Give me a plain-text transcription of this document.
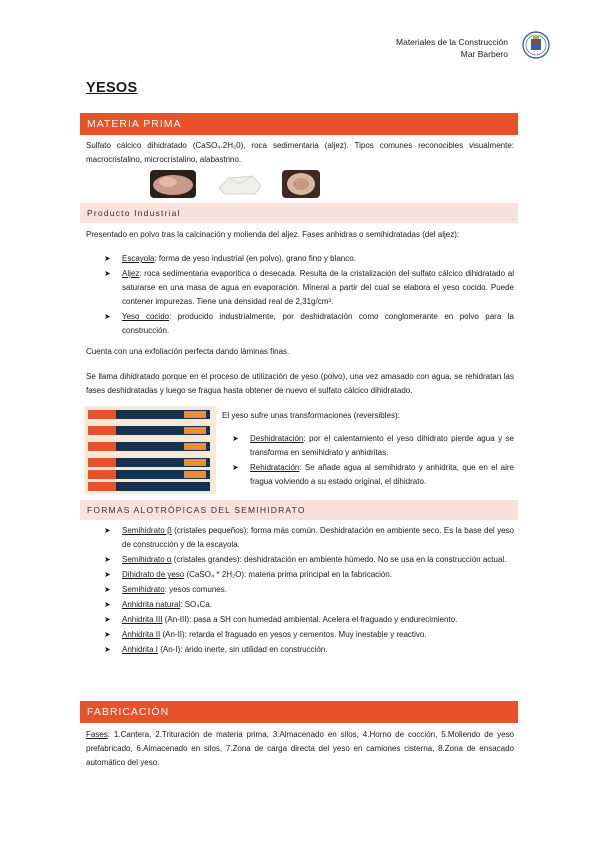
Materiales de la Construcción
Mar Barbero
YESOS
MATERIA PRIMA
Sulfato cálcico dihidratado (CaSO₄.2H₂0), roca sedimentaria (aljez). Tipos comunes reconocibles visualmente: macrocristalino, microcristalino, alabastrino.
Producto Industrial
Presentado en polvo tras la calcinación y molienda del aljez. Fases anhidras o semihidratadas (del aljez):
➤ Escayola: forma de yeso industrial (en polvo), grano fino y blanco.
➤ Aljez: roca sedimentaria evaporítica o desecada. Resulta de la cristalización del sulfato cálcico dihidratado al saturarse en una masa de agua en evaporación. Mineral a partir del cual se elabora el yeso cocido. Puede contener impurezas. Tiene una densidad real de 2,31g/cm³.
➤ Yeso cocido: producido industrialmente, por deshidratación como conglomerante en polvo para la construcción.
Cuenta con una exfoliación perfecta dando láminas finas.
Se llama dihidratado porque en el proceso de utilización de yeso (polvo), una vez amasado con agua, se rehidratan las fases deshidratadas y luego se fragua hasta obtener de nuevo el sulfato cálcico dihidratado.
El yeso sufre unas transformaciones (reversibles):
➤ Deshidratación: por el calentamiento el yeso dihidrato pierde agua y se transforma en semihidrato y anhidritas.
➤ Rehidratación: Se añade agua al semihidrato y anhidrita, que en el aire fragua volviendo a su estado original, el dihidrato.
FORMAS ALOTRÓPICAS DEL SEMIHIDRATO
➤ Semihidrato β (cristales pequeños): forma más común. Deshidratación en ambiente seco. Es la base del yeso de construcción y de la escayola.
➤ Semihidrato α (cristales grandes): deshidratación en ambiente húmedo. No se usa en la construcción actual.
➤ Dihidrato de yeso (CaSO₄ * 2H₂O): materia prima principal en la fabricación.
➤ Semihidrato: yesos comunes.
➤ Anhidrita natural: SO₄Ca.
➤ Anhidrita III (An-III): pasa a SH con humedad ambiental. Acelera el fraguado y endurecimiento.
➤ Anhidrita II (An-II): retarda el fraguado en yesos y cementos. Muy inestable y reactivo.
➤ Anhidrita I (An-I): árido inerte, sin utilidad en construcción.
FABRICACIÓN
Fases: 1.Cantera, 2.Trituración de materia prima, 3.Almacenado en silos, 4.Horno de cocción, 5.Moliendo de yeso prefabricado, 6.Almacenado en silos, 7.Zona de carga directa del yeso en camiones cisterna, 8.Zona de ensacado automático del yeso.
